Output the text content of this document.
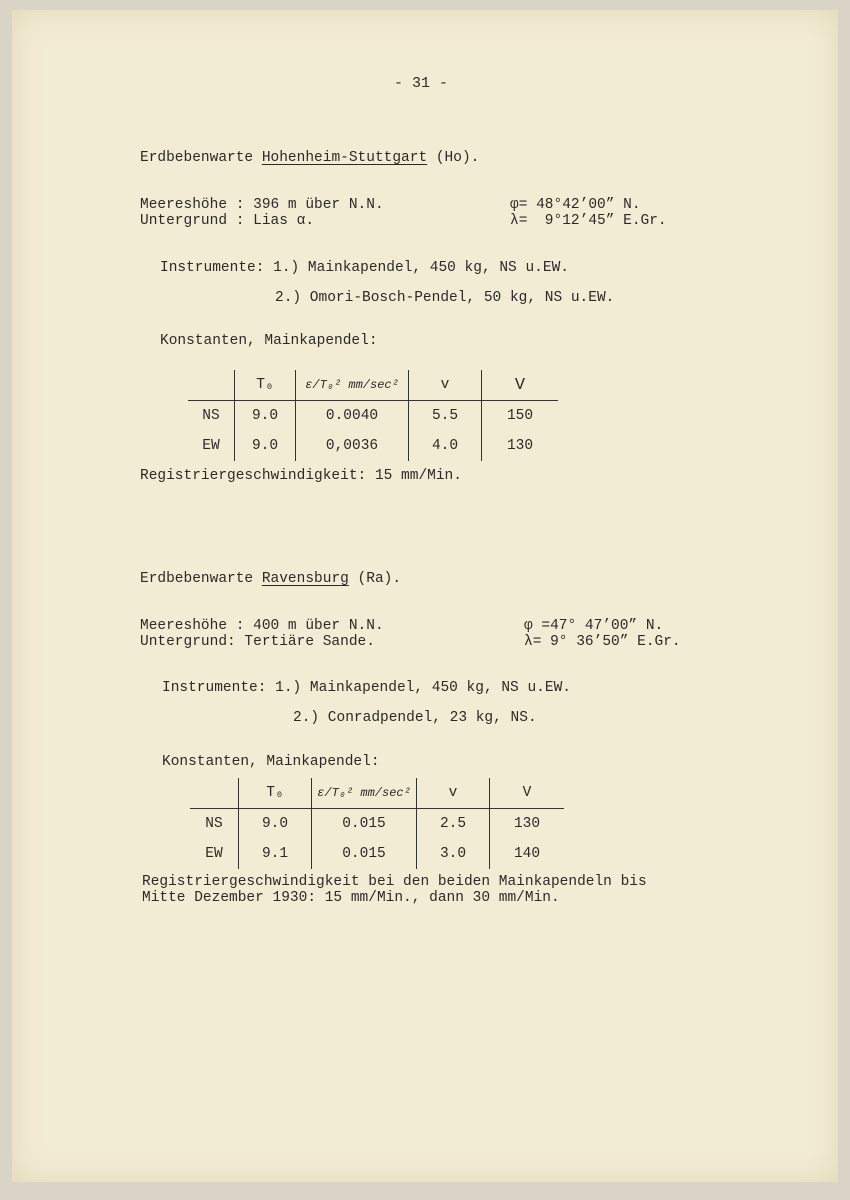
- 31 -
Erdbebenwarte Hohenheim-Stuttgart (Ho).
Meereshöhe : 396 m über N.N.	φ= 48°42’00” N.
Untergrund : Lias α.	λ=  9°12’45” E.Gr.
Instrumente: 1.) Mainkapendel, 450 kg, NS u.EW.
2.) Omori-Bosch-Pendel, 50 kg, NS u.EW.
Konstanten, Mainkapendel:
	T₀	ε/T₀² mm/sec²	v	V
NS	9.0	0.0040	5.5	150
EW	9.0	0,0036	4.0	130
Registriergeschwindigkeit: 15 mm/Min.
Erdbebenwarte Ravensburg (Ra).
Meereshöhe : 400 m über N.N.	φ =47° 47’00” N.
Untergrund: Tertiäre Sande.	λ= 9° 36’50” E.Gr.
Instrumente: 1.) Mainkapendel, 450 kg, NS u.EW.
2.) Conradpendel, 23 kg, NS.
Konstanten, Mainkapendel:
	T₀	ε/T₀² mm/sec²	v	V
NS	9.0	0.015	2.5	130
EW	9.1	0.015	3.0	140
Registriergeschwindigkeit bei den beiden Mainkapendeln bis
Mitte Dezember 1930: 15 mm/Min., dann 30 mm/Min.
